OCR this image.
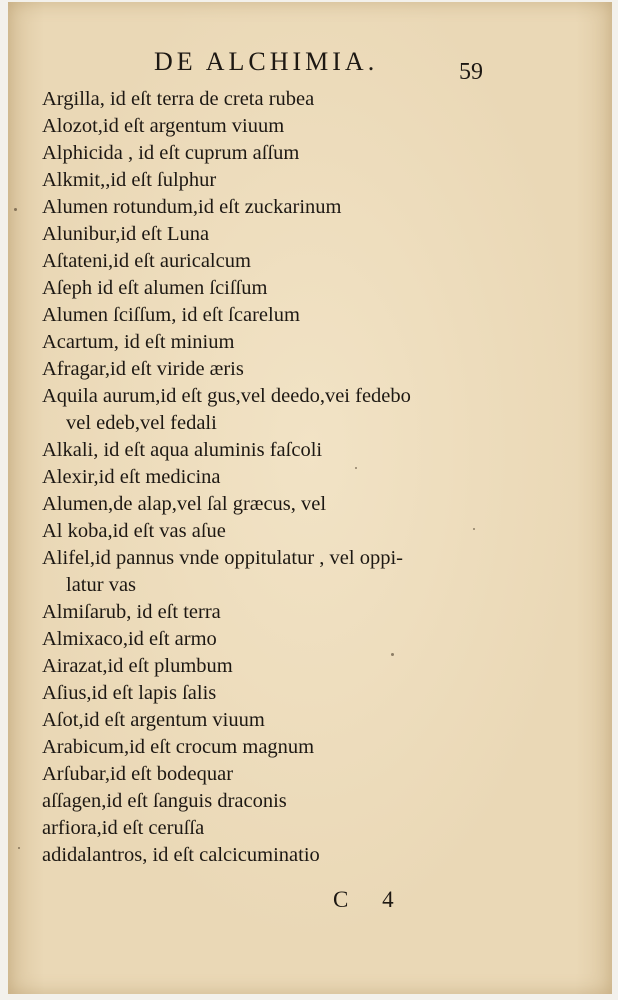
DE ALCHIMIA.	59
Argilla, id eſt terra de creta rubea
Alozot,id eſt argentum viuum
Alphicida , id eſt cuprum aſſum
Alkmit,,id eſt ſulphur
Alumen rotundum,id eſt zuckarinum
Alunibur,id eſt Luna
Aſtateni,id eſt auricalcum
Aſeph id eſt alumen ſciſſum
Alumen ſciſſum, id eſt ſcarelum
Acartum, id eſt minium
Afragar,id eſt viride æris
Aquila aurum,id eſt gus,vel deedo,vei fedebo
vel edeb,vel fedali
Alkali, id eſt aqua aluminis faſcoli
Alexir,id eſt medicina
Alumen,de alap,vel ſal græcus, vel
Al koba,id eſt vas aſue
Alifel,id pannus vnde oppitulatur , vel oppi-
latur vas
Almiſarub, id eſt terra
Almixaco,id eſt armo
Airazat,id eſt plumbum
Aſius,id eſt lapis ſalis
Aſot,id eſt argentum viuum
Arabicum,id eſt crocum magnum
Arſubar,id eſt bodequar
aſſagen,id eſt ſanguis draconis
arfiora,id eſt ceruſſa
adidalantros, id eſt calcicuminatio
C 4
